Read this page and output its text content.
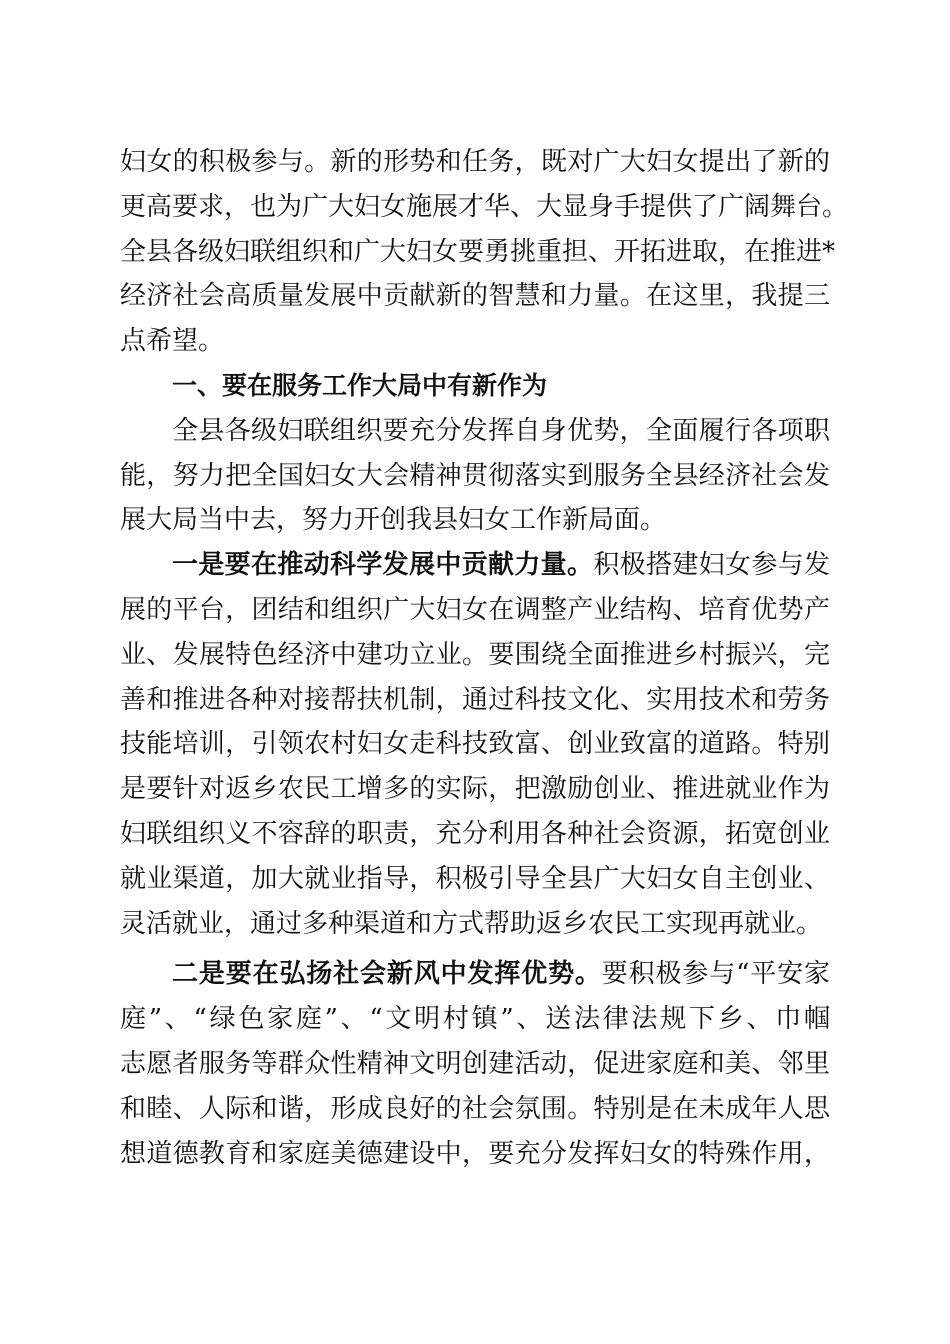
妇女的积极参与。新的形势和任务，既对广大妇女提出了新的
更高要求，也为广大妇女施展才华、大显身手提供了广阔舞台。
全县各级妇联组织和广大妇女要勇挑重担、开拓进取，在推进*
经济社会高质量发展中贡献新的智慧和力量。在这里，我提三
点希望。
一、要在服务工作大局中有新作为
全县各级妇联组织要充分发挥自身优势，全面履行各项职
能，努力把全国妇女大会精神贯彻落实到服务全县经济社会发
展大局当中去，努力开创我县妇女工作新局面。
一是要在推动科学发展中贡献力量。积极搭建妇女参与发
展的平台，团结和组织广大妇女在调整产业结构、培育优势产
业、发展特色经济中建功立业。要围绕全面推进乡村振兴，完
善和推进各种对接帮扶机制，通过科技文化、实用技术和劳务
技能培训，引领农村妇女走科技致富、创业致富的道路。特别
是要针对返乡农民工增多的实际，把激励创业、推进就业作为
妇联组织义不容辞的职责，充分利用各种社会资源，拓宽创业
就业渠道，加大就业指导，积极引导全县广大妇女自主创业、
灵活就业，通过多种渠道和方式帮助返乡农民工实现再就业。
二是要在弘扬社会新风中发挥优势。要积极参与“平安家
庭”、“绿色家庭”、“文明村镇”、送法律法规下乡、巾帼
志愿者服务等群众性精神文明创建活动，促进家庭和美、邻里
和睦、人际和谐，形成良好的社会氛围。特别是在未成年人思
想道德教育和家庭美德建设中，要充分发挥妇女的特殊作用，
